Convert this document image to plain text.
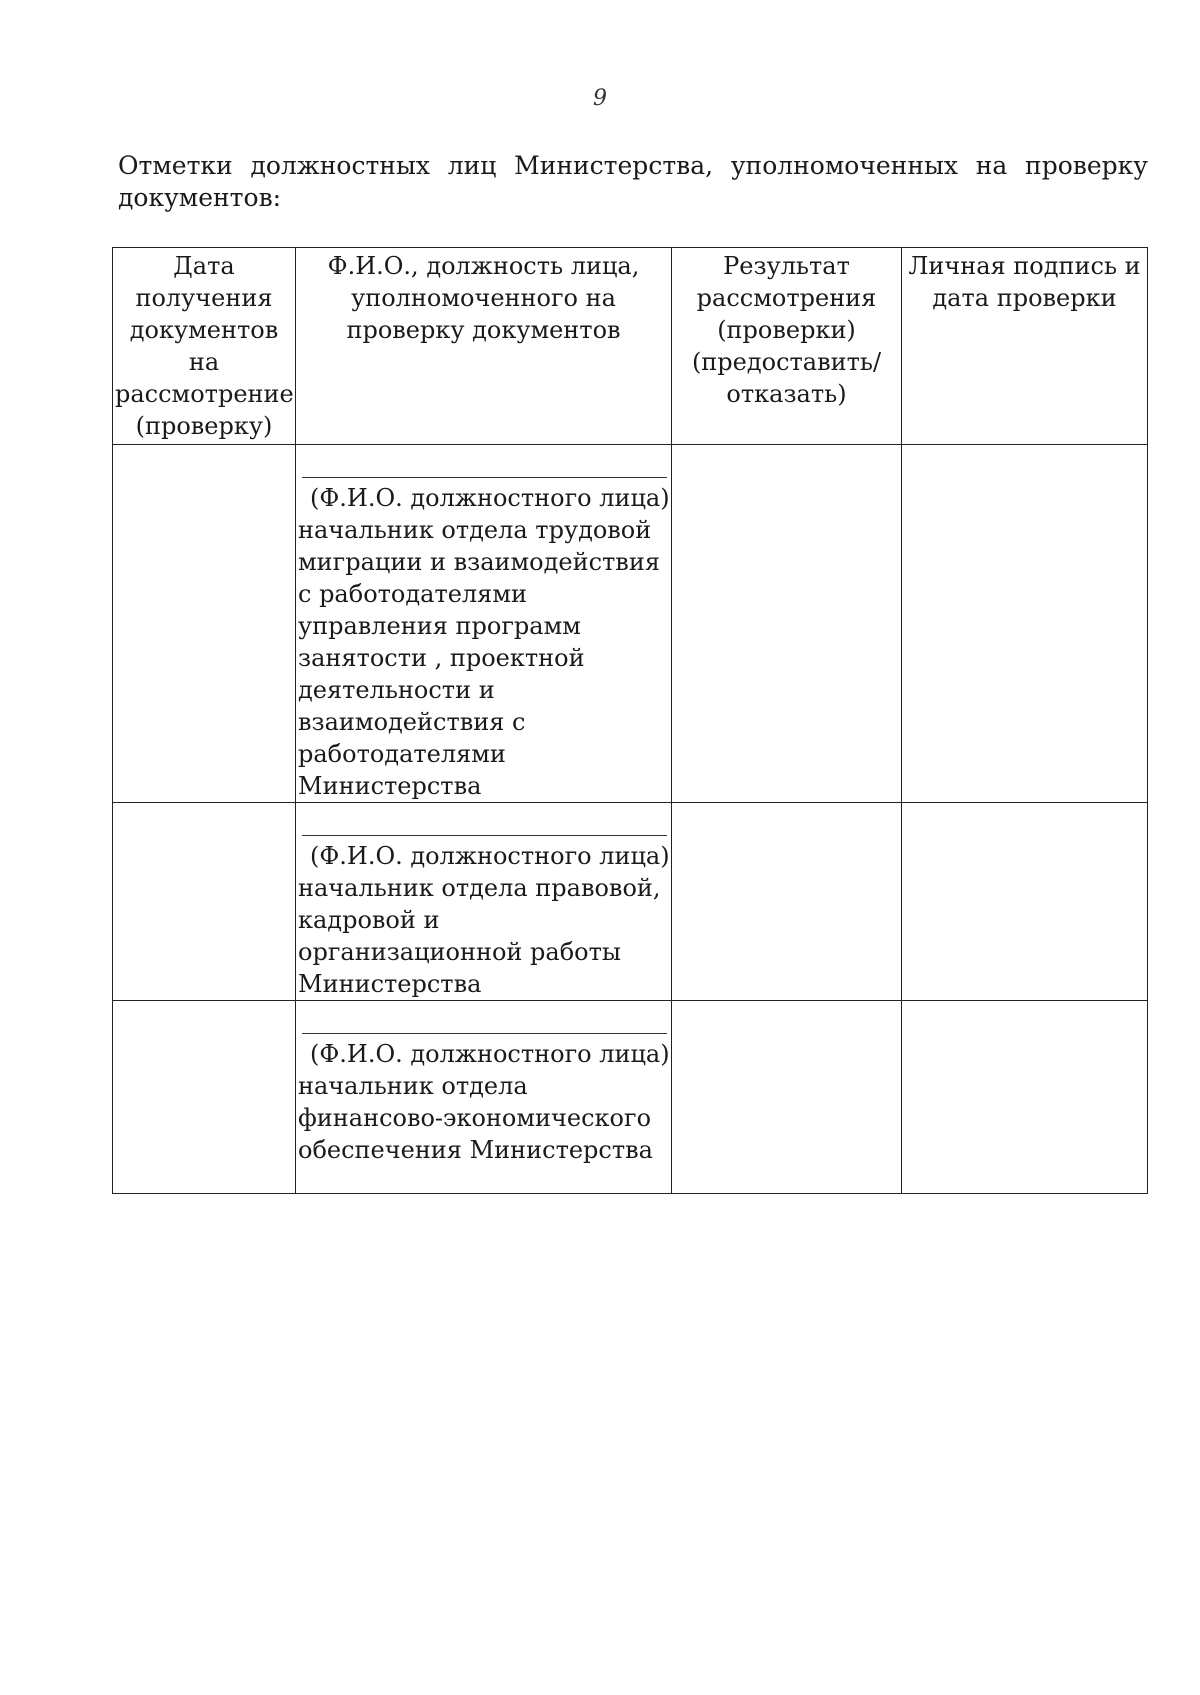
9
Отметки должностных лиц Министерства, уполномоченных на проверку
документов:
Дата получения документов на рассмотрение (проверку)	Ф.И.О., должность лица, уполномоченного на проверку документов	Результат рассмотрения (проверки) (предоставить/ отказать)	Личная подпись и дата проверки

	(Ф.И.О. должностного лица)
начальник отдела трудовой миграции и взаимодействия с работодателями управления программ занятости , проектной деятельности и взаимодействия с работодателями Министерства		

	(Ф.И.О. должностного лица)
начальник отдела правовой, кадровой и организационной работы Министерства		

	(Ф.И.О. должностного лица)
начальник отдела финансово-экономического обеспечения Министерства		
